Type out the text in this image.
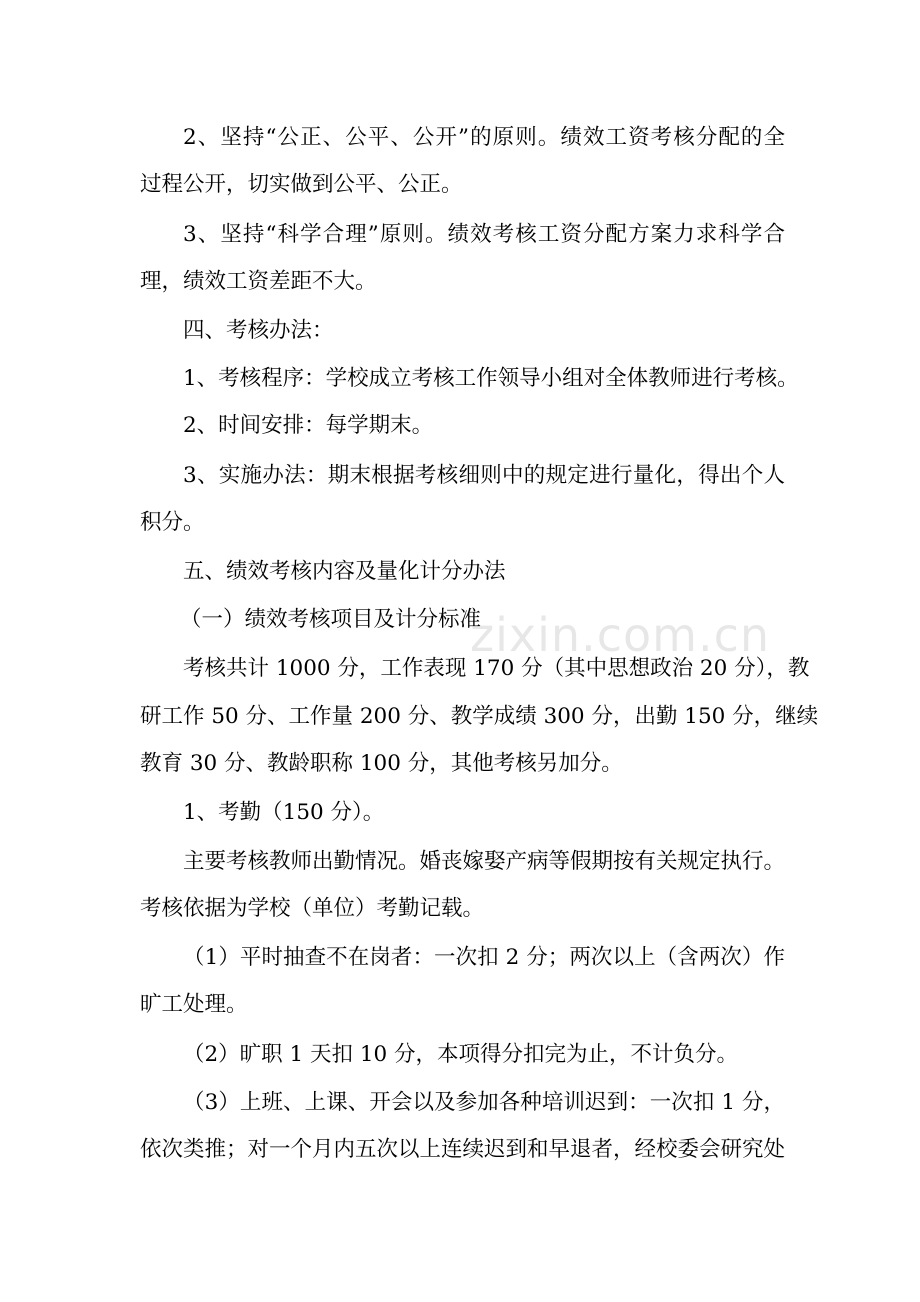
2、坚持“公正、公平、公开”的原则。绩效工资考核分配的全
过程公开，切实做到公平、公正。
3、坚持“科学合理”原则。绩效考核工资分配方案力求科学合
理，绩效工资差距不大。
四、考核办法：
1、考核程序：学校成立考核工作领导小组对全体教师进行考核。
2、时间安排：每学期末。
3、实施办法：期末根据考核细则中的规定进行量化，得出个人
积分。
五、绩效考核内容及量化计分办法
（一）绩效考核项目及计分标准
考核共计 1000 分，工作表现 170 分（其中思想政治 20 分），教
研工作 50 分、工作量 200 分、教学成绩 300 分，出勤 150 分，继续
教育 30 分、教龄职称 100 分，其他考核另加分。
1、考勤（150 分）。
主要考核教师出勤情况。婚丧嫁娶产病等假期按有关规定执行。
考核依据为学校（单位）考勤记载。
（1）平时抽查不在岗者：一次扣 2 分；两次以上（含两次）作
旷工处理。
（2）旷职 1 天扣 10 分，本项得分扣完为止，不计负分。
（3）上班、上课、开会以及参加各种培训迟到：一次扣 1 分，
依次类推；对一个月内五次以上连续迟到和早退者，经校委会研究处
zixin.com.cn
